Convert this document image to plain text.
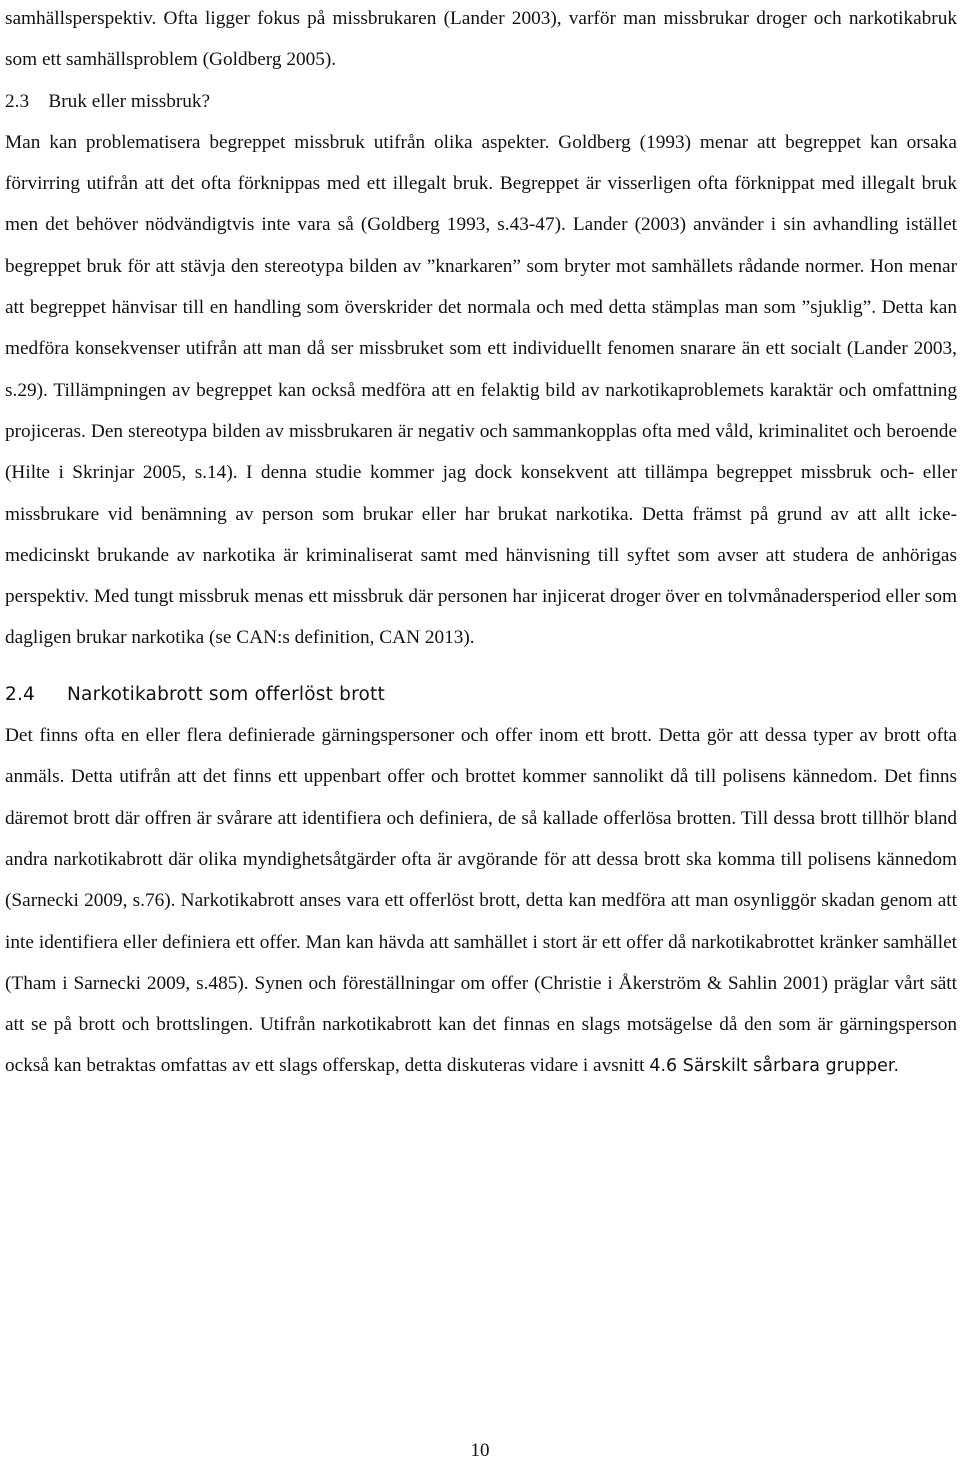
samhällsperspektiv. Ofta ligger fokus på missbrukaren (Lander 2003), varför man missbrukar droger och narkotikabruk som ett samhällsproblem (Goldberg 2005).

2.3 Bruk eller missbruk?

Man kan problematisera begreppet missbruk utifrån olika aspekter. Goldberg (1993) menar att begreppet kan orsaka förvirring utifrån att det ofta förknippas med ett illegalt bruk. Begreppet är visserligen ofta förknippat med illegalt bruk men det behöver nödvändigtvis inte vara så (Goldberg 1993, s.43-47). Lander (2003) använder i sin avhandling istället begreppet bruk för att stävja den stereotypa bilden av ”knarkaren” som bryter mot samhällets rådande normer. Hon menar att begreppet hänvisar till en handling som överskrider det normala och med detta stämplas man som ”sjuklig”. Detta kan medföra konsekvenser utifrån att man då ser missbruket som ett individuellt fenomen snarare än ett socialt (Lander 2003, s.29). Tillämpningen av begreppet kan också medföra att en felaktig bild av narkotikaproblemets karaktär och omfattning projiceras. Den stereotypa bilden av missbrukaren är negativ och sammankopplas ofta med våld, kriminalitet och beroende (Hilte i Skrinjar 2005, s.14). I denna studie kommer jag dock konsekvent att tillämpa begreppet missbruk och- eller missbrukare vid benämning av person som brukar eller har brukat narkotika. Detta främst på grund av att allt icke-medicinskt brukande av narkotika är kriminaliserat samt med hänvisning till syftet som avser att studera de anhörigas perspektiv. Med tungt missbruk menas ett missbruk där personen har injicerat droger över en tolvmånadersperiod eller som dagligen brukar narkotika (se CAN:s definition, CAN 2013).

2.4 Narkotikabrott som offerlöst brott

Det finns ofta en eller flera definierade gärningspersoner och offer inom ett brott. Detta gör att dessa typer av brott ofta anmäls. Detta utifrån att det finns ett uppenbart offer och brottet kommer sannolikt då till polisens kännedom. Det finns däremot brott där offren är svårare att identifiera och definiera, de så kallade offerlösa brotten. Till dessa brott tillhör bland andra narkotikabrott där olika myndighetsåtgärder ofta är avgörande för att dessa brott ska komma till polisens kännedom (Sarnecki 2009, s.76). Narkotikabrott anses vara ett offerlöst brott, detta kan medföra att man osynliggör skadan genom att inte identifiera eller definiera ett offer. Man kan hävda att samhället i stort är ett offer då narkotikabrottet kränker samhället (Tham i Sarnecki 2009, s.485). Synen och föreställningar om offer (Christie i Åkerström & Sahlin 2001) präglar vårt sätt att se på brott och brottslingen. Utifrån narkotikabrott kan det finnas en slags motsägelse då den som är gärningsperson också kan betraktas omfattas av ett slags offerskap, detta diskuteras vidare i avsnitt 4.6 Särskilt sårbara grupper.

10
